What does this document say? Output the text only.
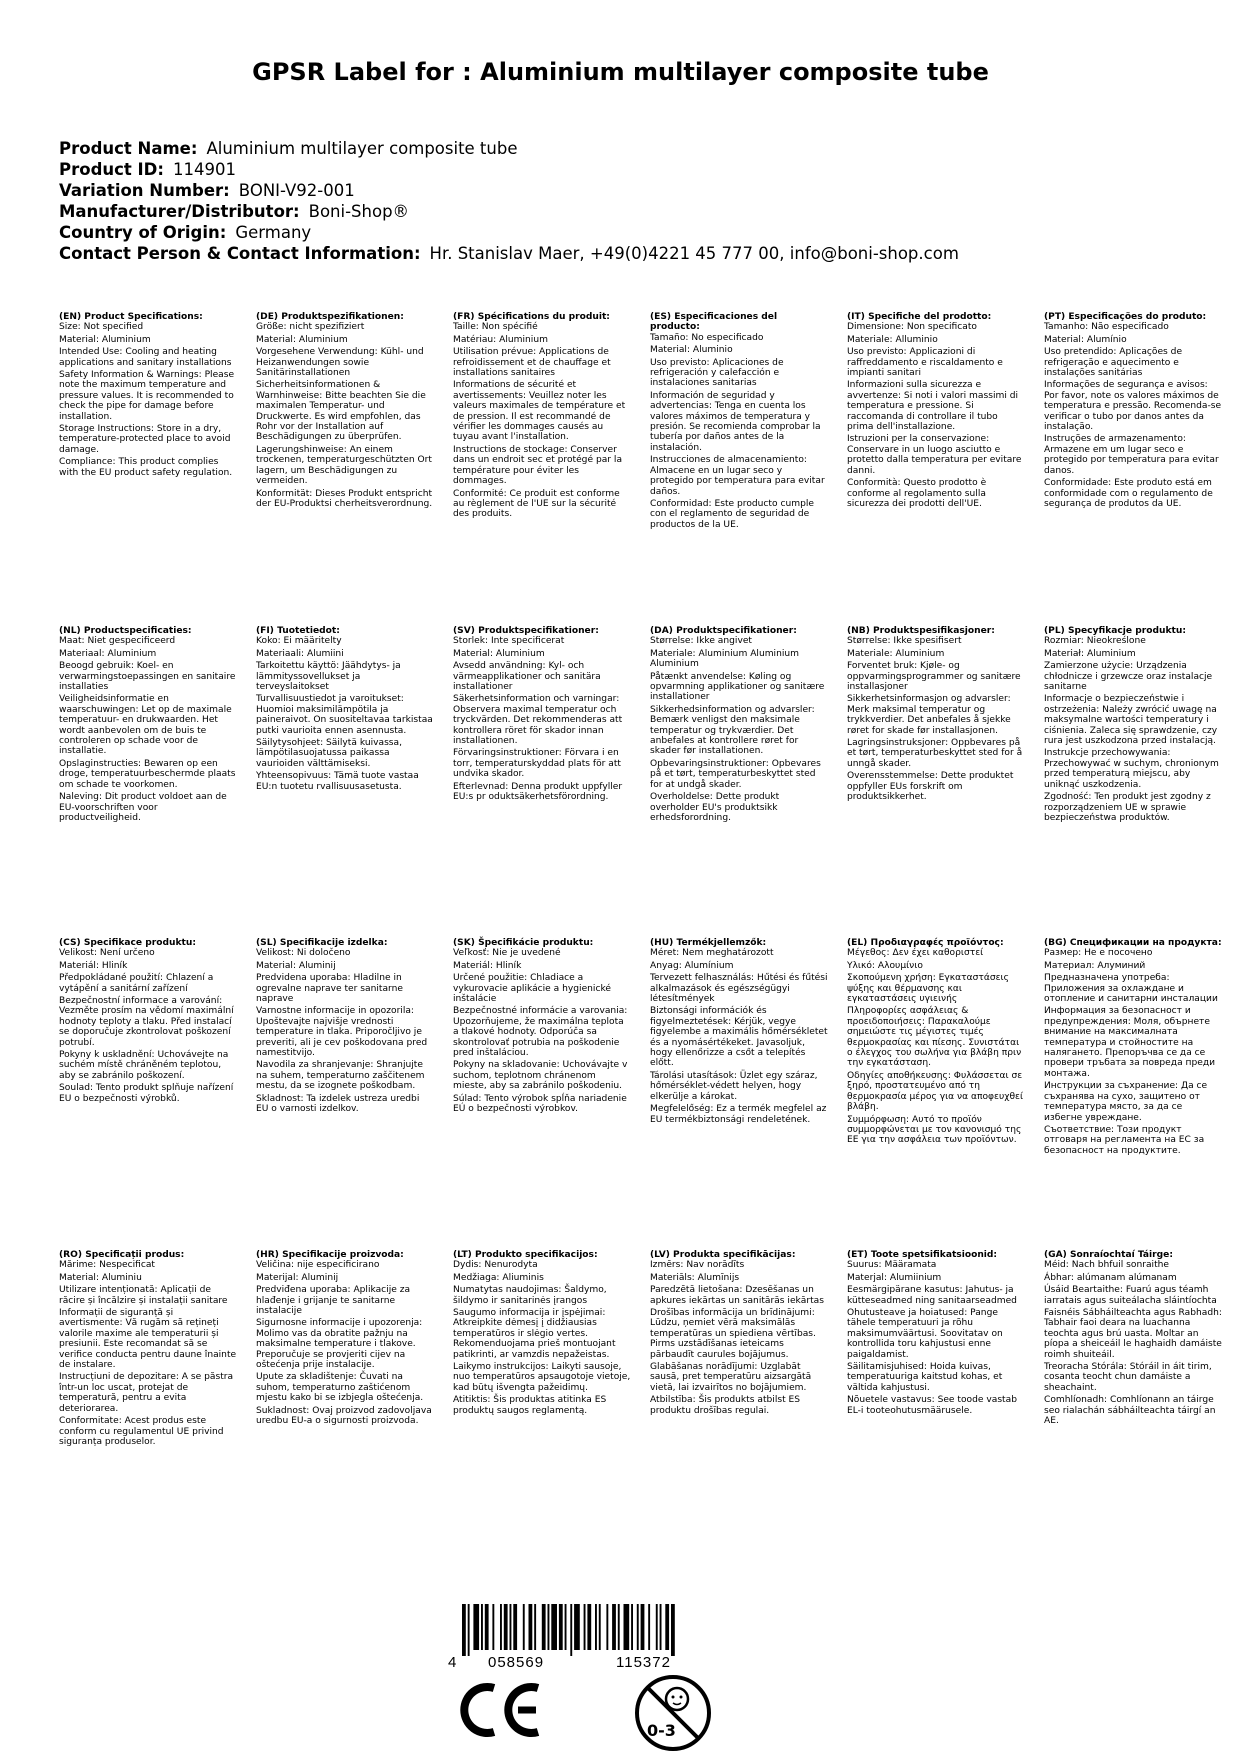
GPSR Label for : Aluminium multilayer composite tube
Product Name: Aluminium multilayer composite tube
Product ID: 114901
Variation Number: BONI-V92-001
Manufacturer/Distributor: Boni-Shop®
Country of Origin: Germany
Contact Person & Contact Information: Hr. Stanislav Maer, +49(0)4221 45 777 00, info@boni-shop.com
(EN) Product Specifications:

Size: Not specified

Material: Aluminium

Intended Use: Cooling and heating applications and sanitary installations

Safety Information & Warnings: Please note the maximum temperature and pressure values. It is recommended to check the pipe for damage before installation.

Storage Instructions: Store in a dry, temperature-protected place to avoid damage.

Compliance: This product complies with the EU product safety regulation.

(DE) Produktspezifikationen:

Größe: nicht spezifiziert

Material: Aluminium

Vorgesehene Verwendung: Kühl- und Heizanwendungen sowie Sanitärinstallationen

Sicherheitsinformationen & Warnhinweise: Bitte beachten Sie die maximalen Temperatur- und Druckwerte. Es wird empfohlen, das Rohr vor der Installation auf Beschädigungen zu überprüfen.

Lagerungshinweise: An einem trockenen, temperaturgeschützten Ort lagern, um Beschädigungen zu vermeiden.

Konformität: Dieses Produkt entspricht der EU-Produktsi cherheitsverordnung.

(FR) Spécifications du produit:

Taille: Non spécifié

Matériau: Aluminium

Utilisation prévue: Applications de refroidissement et de chauffage et installations sanitaires

Informations de sécurité et avertissements: Veuillez noter les valeurs maximales de température et de pression. Il est recommandé de vérifier les dommages causés au tuyau avant l'installation.

Instructions de stockage: Conserver dans un endroit sec et protégé par la température pour éviter les dommages.

Conformité: Ce produit est conforme au règlement de l'UE sur la sécurité des produits.

(ES) Especificaciones del producto:

Tamaño: No especificado

Material: Aluminio

Uso previsto: Aplicaciones de refrigeración y calefacción e instalaciones sanitarias

Información de seguridad y advertencias: Tenga en cuenta los valores máximos de temperatura y presión. Se recomienda comprobar la tubería por daños antes de la instalación.

Instrucciones de almacenamiento: Almacene en un lugar seco y protegido por temperatura para evitar daños.

Conformidad: Este producto cumple con el reglamento de seguridad de productos de la UE.

(IT) Specifiche del prodotto:

Dimensione: Non specificato

Materiale: Alluminio

Uso previsto: Applicazioni di raffreddamento e riscaldamento e impianti sanitari

Informazioni sulla sicurezza e avvertenze: Si noti i valori massimi di temperatura e pressione. Si raccomanda di controllare il tubo prima dell'installazione.

Istruzioni per la conservazione: Conservare in un luogo asciutto e protetto dalla temperatura per evitare danni.

Conformità: Questo prodotto è conforme al regolamento sulla sicurezza dei prodotti dell'UE.

(PT) Especificações do produto:

Tamanho: Não especificado

Material: Alumínio

Uso pretendido: Aplicações de refrigeração e aquecimento e instalações sanitárias

Informações de segurança e avisos: Por favor, note os valores máximos de temperatura e pressão. Recomenda-se verificar o tubo por danos antes da instalação.

Instruções de armazenamento: Armazene em um lugar seco e protegido por temperatura para evitar danos.

Conformidade: Este produto está em conformidade com o regulamento de segurança de produtos da UE.

(NL) Productspecificaties:

Maat: Niet gespecificeerd

Materiaal: Aluminium

Beoogd gebruik: Koel- en verwarmingstoepassingen en sanitaire installaties

Veiligheidsinformatie en waarschuwingen: Let op de maximale temperatuur- en drukwaarden. Het wordt aanbevolen om de buis te controleren op schade voor de installatie.

Opslaginstructies: Bewaren op een droge, temperatuurbeschermde plaats om schade te voorkomen.

Naleving: Dit product voldoet aan de EU-voorschriften voor productveiligheid.

(FI) Tuotetiedot:

Koko: Ei määritelty

Materiaali: Alumiini

Tarkoitettu käyttö: Jäähdytys- ja lämmityssovellukset ja terveyslaitokset

Turvallisuustiedot ja varoitukset: Huomioi maksimilämpötila ja paineraivot. On suositeltavaa tarkistaa putki vaurioita ennen asennusta.

Säilytysohjeet: Säilytä kuivassa, lämpötilasuojatussa paikassa vaurioiden välttämiseksi.

Yhteensopivuus: Tämä tuote vastaa EU:n tuotetu rvallisuusasetusta.

(SV) Produktspecifikationer:

Storlek: Inte specificerat

Material: Aluminium

Avsedd användning: Kyl- och värmeapplikationer och sanitära installationer

Säkerhetsinformation och varningar: Observera maximal temperatur och tryckvärden. Det rekommenderas att kontrollera röret för skador innan installationen.

Förvaringsinstruktioner: Förvara i en torr, temperaturskyddad plats för att undvika skador.

Efterlevnad: Denna produkt uppfyller EU:s pr oduktsäkerhetsförordning.

(DA) Produktspecifikationer:

Størrelse: Ikke angivet

Materiale: Aluminium Aluminium Aluminium

Påtænkt anvendelse: Køling og opvarmning applikationer og sanitære installationer

Sikkerhedsinformation og advarsler: Bemærk venligst den maksimale temperatur og trykværdier. Det anbefales at kontrollere røret for skader før installationen.

Opbevaringsinstruktioner: Opbevares på et tørt, temperaturbeskyttet sted for at undgå skader.

Overholdelse: Dette produkt overholder EU's produktsikk erhedsforordning.

(NB) Produktspesifikasjoner:

Størrelse: Ikke spesifisert

Materiale: Aluminium

Forventet bruk: Kjøle- og oppvarmingsprogrammer og sanitære installasjoner

Sikkerhetsinformasjon og advarsler: Merk maksimal temperatur og trykkverdier. Det anbefales å sjekke røret for skade før installasjonen.

Lagringsinstruksjoner: Oppbevares på et tørt, temperaturbeskyttet sted for å unngå skader.

Overensstemmelse: Dette produktet oppfyller EUs forskrift om produktsikkerhet.

(PL) Specyfikacje produktu:

Rozmiar: Nieokreślone

Materiał: Aluminium

Zamierzone użycie: Urządzenia chłodnicze i grzewcze oraz instalacje sanitarne

Informacje o bezpieczeństwie i ostrzeżenia: Należy zwrócić uwagę na maksymalne wartości temperatury i ciśnienia. Zaleca się sprawdzenie, czy rura jest uszkodzona przed instalacją.

Instrukcje przechowywania: Przechowywać w suchym, chronionym przed temperaturą miejscu, aby uniknąć uszkodzenia.

Zgodność: Ten produkt jest zgodny z rozporządzeniem UE w sprawie bezpieczeństwa produktów.

(CS) Specifikace produktu:

Velikost: Není určeno

Materiál: Hliník

Předpokládané použití: Chlazení a vytápění a sanitární zařízení

Bezpečnostní informace a varování: Vezměte prosím na vědomí maximální hodnoty teploty a tlaku. Před instalací se doporučuje zkontrolovat poškození potrubí.

Pokyny k uskladnění: Uchovávejte na suchém místě chráněném teplotou, aby se zabránilo poškození.

Soulad: Tento produkt splňuje nařízení EU o bezpečnosti výrobků.

(SL) Specifikacije izdelka:

Velikost: Ni določeno

Material: Aluminij

Predvidena uporaba: Hladilne in ogrevalne naprave ter sanitarne naprave

Varnostne informacije in opozorila: Upoštevajte najvišje vrednosti temperature in tlaka. Priporočljivo je preveriti, ali je cev poškodovana pred namestitvijo.

Navodila za shranjevanje: Shranjujte na suhem, temperaturno zaščitenem mestu, da se izognete poškodbam.

Skladnost: Ta izdelek ustreza uredbi EU o varnosti izdelkov.

(SK) Špecifikácie produktu:

Veľkosť: Nie je uvedené

Materiál: Hliník

Určené použitie: Chladiace a vykurovacie aplikácie a hygienické inštalácie

Bezpečnostné informácie a varovania: Upozorňujeme, že maximálna teplota a tlakové hodnoty. Odporúča sa skontrolovať potrubia na poškodenie pred inštaláciou.

Pokyny na skladovanie: Uchovávajte v suchom, teplotnom chránenom mieste, aby sa zabránilo poškodeniu.

Súlad: Tento výrobok spĺňa nariadenie EÚ o bezpečnosti výrobkov.

(HU) Termékjellemzők:

Méret: Nem meghatározott

Anyag: Alumínium

Tervezett felhasználás: Hűtési és fűtési alkalmazások és egészségügyi létesítmények

Biztonsági információk és figyelmeztetések: Kérjük, vegye figyelembe a maximális hőmérsékletet és a nyomásértékeket. Javasoljuk, hogy ellenőrizze a csőt a telepítés előtt.

Tárolási utasítások: Üzlet egy száraz, hőmérséklet-védett helyen, hogy elkerülje a károkat.

Megfelelőség: Ez a termék megfelel az EU termékbiztonsági rendeletének.

(EL) Προδιαγραφές προϊόντος:

Μέγεθος: Δεν έχει καθοριστεί

Υλικό: Αλουμίνιο

Σκοπούμενη χρήση: Εγκαταστάσεις ψύξης και θέρμανσης και εγκαταστάσεις υγιεινής

Πληροφορίες ασφάλειας & προειδοποιήσεις: Παρακαλούμε σημειώστε τις μέγιστες τιμές θερμοκρασίας και πίεσης. Συνιστάται ο έλεγχος του σωλήνα για βλάβη πριν την εγκατάσταση.

Οδηγίες αποθήκευσης: Φυλάσσεται σε ξηρό, προστατευμένο από τη θερμοκρασία μέρος για να αποφευχθεί βλάβη.

Συμμόρφωση: Αυτό το προϊόν συμμορφώνεται με τον κανονισμό της ΕΕ για την ασφάλεια των προϊόντων.

(BG) Спецификации на продукта:

Размер: Не е посочено

Материал: Алуминий

Предназначена употреба: Приложения за охлаждане и отопление и санитарни инсталации

Информация за безопасност и предупреждения: Моля, обърнете внимание на максималната температура и стойностите на налягането. Препоръчва се да се провери тръбата за повреда преди монтажа.

Инструкции за съхранение: Да се съхранява на сухо, защитено от температура място, за да се избегне увреждане.

Съответствие: Този продукт отговаря на регламента на ЕС за безопасност на продуктите.

(RO) Specificații produs:

Mărime: Nespecificat

Material: Aluminiu

Utilizare intenționată: Aplicații de răcire și încălzire și instalații sanitare

Informații de siguranță și avertismente: Vă rugăm să rețineți valorile maxime ale temperaturii și presiunii. Este recomandat să se verifice conducta pentru daune înainte de instalare.

Instrucțiuni de depozitare: A se păstra într-un loc uscat, protejat de temperatură, pentru a evita deteriorarea.

Conformitate: Acest produs este conform cu regulamentul UE privind siguranța produselor.

(HR) Specifikacije proizvoda:

Veličina: nije especificirano

Materijal: Aluminij

Predviđena uporaba: Aplikacije za hlađenje i grijanje te sanitarne instalacije

Sigurnosne informacije i upozorenja: Molimo vas da obratite pažnju na maksimalne temperature i tlakove. Preporučuje se provjeriti cijev na oštećenja prije instalacije.

Upute za skladištenje: Čuvati na suhom, temperaturno zaštićenom mjestu kako bi se izbjegla oštećenja.

Sukladnost: Ovaj proizvod zadovoljava uredbu EU-a o sigurnosti proizvoda.

(LT) Produkto specifikacijos:

Dydis: Nenurodyta

Medžiaga: Aliuminis

Numatytas naudojimas: Šaldymo, šildymo ir sanitarinės įrangos

Saugumo informacija ir įspėjimai: Atkreipkite dėmesį į didžiausias temperatūros ir slėgio vertes. Rekomenduojama prieš montuojant patikrinti, ar vamzdis nepažeistas.

Laikymo instrukcijos: Laikyti sausoje, nuo temperatūros apsaugotoje vietoje, kad būtų išvengta pažeidimų.

Atitiktis: Šis produktas atitinka ES produktų saugos reglamentą.

(LV) Produkta specifikācijas:

Izmērs: Nav norādīts

Materiāls: Alumīnijs

Paredzētā lietošana: Dzesēšanas un apkures iekārtas un sanitārās iekārtas

Drošības informācija un brīdinājumi: Lūdzu, ņemiet vērā maksimālās temperatūras un spiediena vērtības. Pirms uzstādīšanas ieteicams pārbaudīt caurules bojājumus.

Glabāšanas norādījumi: Uzglabāt sausā, pret temperatūru aizsargātā vietā, lai izvairītos no bojājumiem.

Atbilstība: Šis produkts atbilst ES produktu drošības regulai.

(ET) Toote spetsifikatsioonid:

Suurus: Määramata

Materjal: Alumiinium

Eesmärgipärane kasutus: Jahutus- ja kütteseadmed ning sanitaarseadmed

Ohutusteave ja hoiatused: Pange tähele temperatuuri ja rõhu maksimumväärtusi. Soovitatav on kontrollida toru kahjustusi enne paigaldamist.

Säilitamisjuhised: Hoida kuivas, temperatuuriga kaitstud kohas, et vältida kahjustusi.

Nõuetele vastavus: See toode vastab EL-i tooteohutusmäärusele.

(GA) Sonraíochtaí Táirge:

Méid: Nach bhfuil sonraithe

Ábhar: alúmanam alúmanam

Úsáid Beartaithe: Fuarú agus téamh iarratais agus suiteálacha sláintíochta

Faisnéis Sábháilteachta agus Rabhadh: Tabhair faoi deara na luachanna teochta agus brú uasta. Moltar an píopa a sheiceáil le haghaidh damáiste roimh shuiteáil.

Treoracha Stórála: Stóráil in áit tirim, cosanta teocht chun damáiste a sheachaint.

Comhlíonadh: Comhlíonann an táirge seo rialachán sábháilteachta táirgí an AE.

4 058569	115372
0-3
